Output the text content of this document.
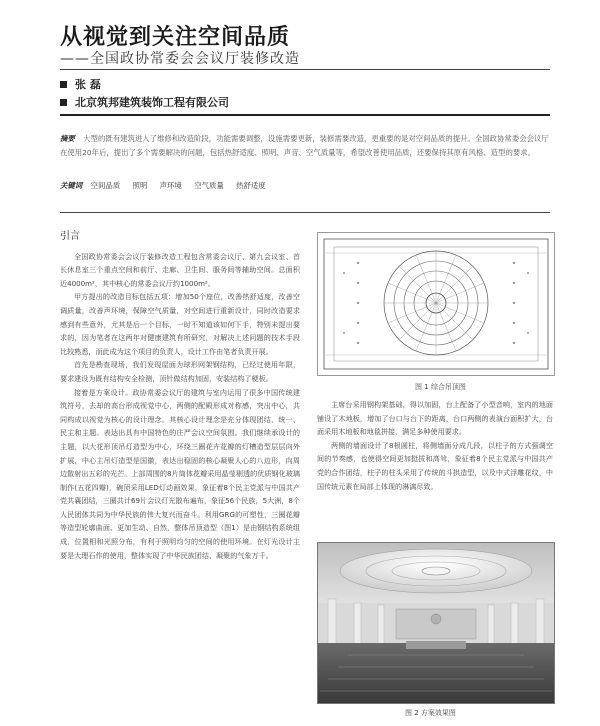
从视觉到关注空间品质
——全国政协常委会会议厅装修改造
张 磊
北京筑邦建筑装饰工程有限公司
摘要 大型的既有建筑进入了维修和改造阶段，功能需要调整，设施需要更新，装修需要改造，更重要的是对空间品质的提升。全国政协常委会会议厅在使用20年后，提出了多个需要解决的问题，包括热舒适度、照明、声音、空气质量等，希望改善使用品质，还要保持其原有风格、造型的要求。
关键词 空间品质 照明 声环境 空气质量 热舒适度

引言

全国政协常委会会议厅装修改造工程包含常委会议厅、第九会议室、首长休息室三个重点空间和前厅、走廊、卫生间、服务间等辅助空间。总面积近4000m²，其中核心的常委会议厅约1000m²。

甲方提出的改造目标包括五项：增加50个座位，改善热舒适度，改善空调质量，改善声环境，保障空气质量，对空间进行重新设计，同时改造要求感到有些意外，尤其是后一个目标，一时不知道该如何下手，特别未提出要求的，因为笔者在这两年对健康建筑有所研究，对解决上述问题的技术手段比较熟悉，而此成为这个项目的负责人，设计工作由笔者负责开展。

首先是勘查现场，我们发现屋面为球形网架钢结构，已经过使用年限，要求建设为既有结构安全检测，顶针做结构加固，安装结构了梗板。

接着是方案设计。政协常委会议厅的建筑与室内运用了很多中国传统建筑符号，去却的高台形成视觉中心，两侧的配殿形成对称感，突出中心，共同构成以视觉为核心的设计理念。其核心设计理念是充分体现团结、统一、民主和主题。表达出具有中国特色的庄严会议空间氛围。我们继续承设计的主题，以大花形顶吊灯造型为中心，环绕三圈花卉花瓣的灯槽造型层层向外扩展，中心主吊灯造型是国徽，表达出稳固的核心凝聚人心的八边形，向周边散射出五彩的光芒。上部周围的8片筒体花瓣采用晶莹剔透的优质钢化玻璃制作(五花四瓣)，碗顶采用LED灯动画效果，象征着8个民主党派与中国共产党共襄团结，三圈共计69片会议灯光散布遍布，象征56个民族，5大洲，8个人民团体共同为中华民族的伟大复兴而奋斗。利用GRG的可塑性，三圈花瓣等造型轮廓曲面、更加生动、自然，整体吊顶造型（图1）是由钢结构系统组成，位置相和光照分布，有利于照明均匀的空间的使用环境。在灯光设计主要是大理石作的使用，整体实现了中华民族团结、凝聚的气象万千。

图 1 综合吊顶图

主席台采用钢构架基础，得以加固，台上配备了小型音响，室内的地面铺设了木地板，增加了台口与台下的距离，台口两侧的表演台面积扩大，台面采用木地板和地毯拼接，满足多种使用要求。

两侧的墙面设计了8根圆柱，将侧墙面分成几段，以柱子的方式强调空间的节奏感，也使得空间更加挺拔和高耸，象征着8个民主党派与中国共产党的合作团结，柱子的柱头采用了传统的斗拱造型，以及中式浮雕花纹，中国传统元素在局部上体现的淋漓尽致。

图 2 方案效果图
